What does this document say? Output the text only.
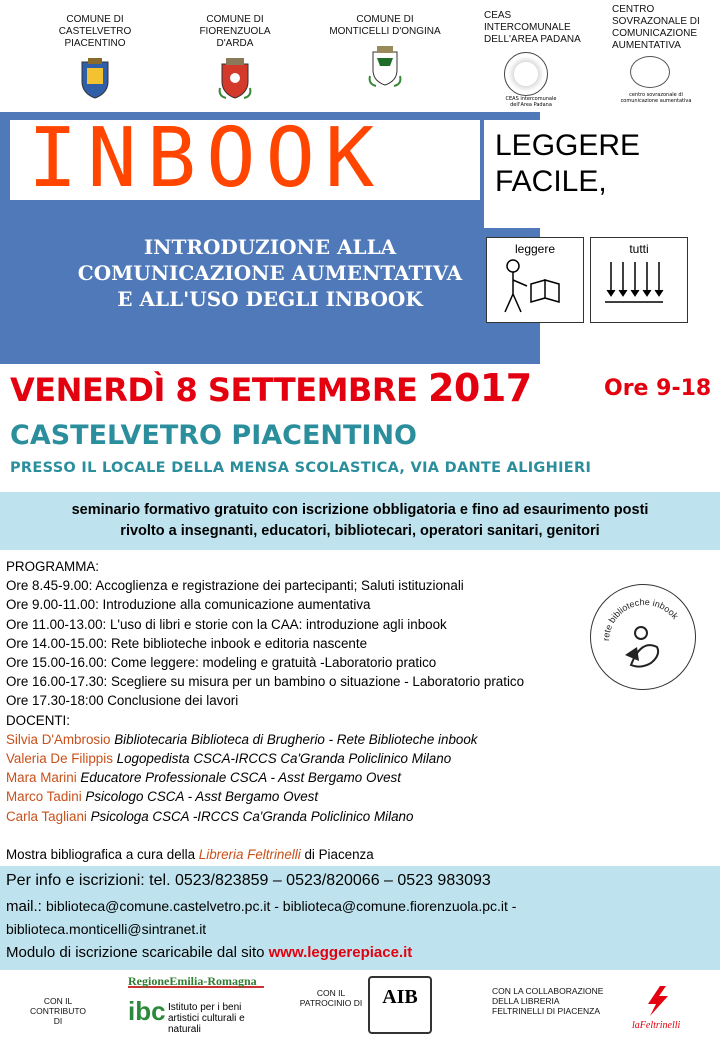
COMUNE DI
CASTELVETRO PIACENTINO
COMUNE DI
FIORENZUOLA D'ARDA
COMUNE DI
MONTICELLI D'ONGINA
CEAS
INTERCOMUNALE
DELL'AREA PADANA
CEAS intercomunale dell'Area Padana
CENTRO
SOVRAZONALE DI
COMUNICAZIONE
AUMENTATIVA
centro sovrazonale di comunicazione aumentativa
INBOOK
INTRODUZIONE ALLA
COMUNICAZIONE AUMENTATIVA
E ALL'USO DEGLI INBOOK
LEGGERE
FACILE,
leggere	tutti
VENERDÌ 8 SETTEMBRE 2017	Ore 9-18
CASTELVETRO PIACENTINO
PRESSO IL LOCALE DELLA MENSA SCOLASTICA, VIA DANTE ALIGHIERI
seminario formativo gratuito con iscrizione obbligatoria e fino ad esaurimento posti
rivolto a insegnanti, educatori, bibliotecari, operatori sanitari, genitori
PROGRAMMA:
Ore 8.45-9.00: Accoglienza e registrazione dei partecipanti; Saluti istituzionali
Ore 9.00-11.00: Introduzione alla comunicazione aumentativa
Ore 11.00-13.00: L'uso di libri e storie con la CAA: introduzione agli inbook
Ore 14.00-15.00: Rete biblioteche inbook e editoria nascente
Ore 15.00-16.00: Come leggere: modeling e gratuità -Laboratorio pratico
Ore 16.00-17.30: Scegliere su misura per un bambino o situazione - Laboratorio pratico
Ore 17.30-18:00 Conclusione dei lavori
DOCENTI:
Silvia D'Ambrosio Bibliotecaria Biblioteca di Brugherio - Rete Biblioteche inbook
Valeria De Filippis Logopedista CSCA-IRCCS Ca'Granda Policlinico Milano
Mara Marini Educatore Professionale CSCA - Asst Bergamo Ovest
Marco Tadini Psicologo CSCA - Asst Bergamo Ovest
Carla Tagliani Psicologa CSCA -IRCCS Ca'Granda Policlinico Milano
Mostra bibliografica a cura della Libreria Feltrinelli di Piacenza
rete biblioteche inbook
Per info e iscrizioni: tel. 0523/823859 – 0523/820066 – 0523 983093
mail.: biblioteca@comune.castelvetro.pc.it - biblioteca@comune.fiorenzuola.pc.it -
biblioteca.monticelli@sintranet.it
Modulo di iscrizione scaricabile dal sito www.leggerepiace.it
CON IL CONTRIBUTO DI
RegioneEmilia-Romagna
ibc Istituto per i beni artistici culturali e naturali
CON IL PATROCINIO DI AIB	CON LA COLLABORAZIONE DELLA LIBRERIA FELTRINELLI DI PIACENZA
laFeltrinelli
